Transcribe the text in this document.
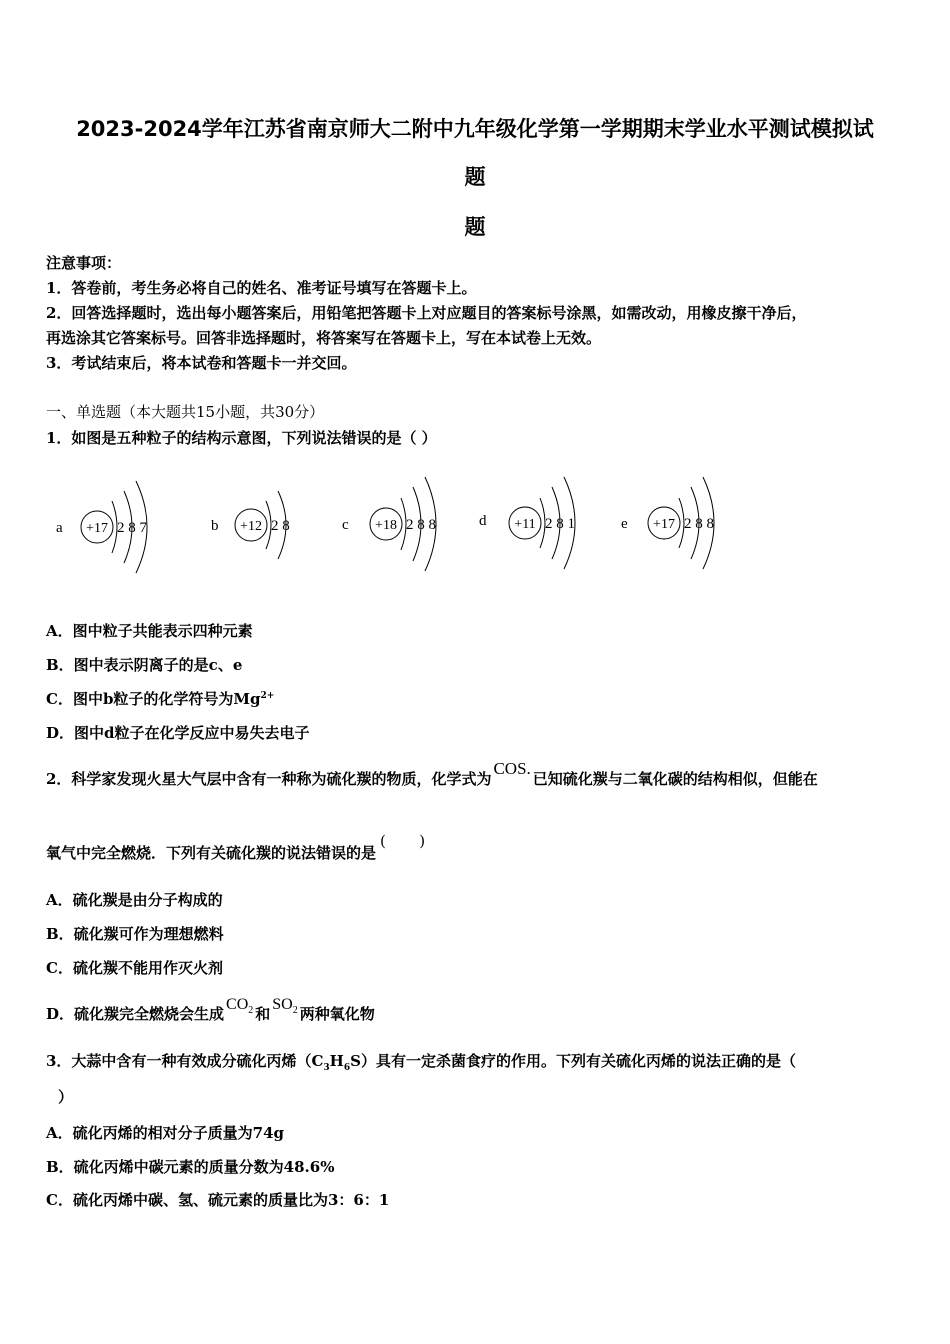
2023-2024学年江苏省南京师大二附中九年级化学第一学期期末学业水平测试模拟试
题
题
注意事项：
1．答卷前，考生务必将自己的姓名、准考证号填写在答题卡上。
2．回答选择题时，选出每小题答案后，用铅笔把答题卡上对应题目的答案标号涂黑，如需改动，用橡皮擦干净后，
再选涂其它答案标号。回答非选择题时，将答案写在答题卡上，写在本试卷上无效。
3．考试结束后，将本试卷和答题卡一并交回。
一、单选题（本大题共15小题，共30分）
1．如图是五种粒子的结构示意图，下列说法错误的是（ ）
a +17 2 8 7	b +12 2 8	c +18 2 8 8	d +11 2 8 1	e +17 2 8 8
A．图中粒子共能表示四种元素
B．图中表示阴离子的是c、e
C．图中b粒子的化学符号为$Mg^{2+}$
D．图中d粒子在化学反应中易失去电子
2．科学家发现火星大气层中含有一种称为硫化羰的物质，化学式为COS.已知硫化羰与二氧化碳的结构相似，但能在
氧气中完全燃烧．下列有关硫化羰的说法错误的是(       )
A．硫化羰是由分子构成的
B．硫化羰可作为理想燃料
C．硫化羰不能用作灭火剂
D．硫化羰完全燃烧会生成$CO_2$ 和$SO_2$ 两种氧化物
3．大蒜中含有一种有效成分硫化丙烯$(C_3H_6S)$具有一定杀菌食疗的作用。下列有关硫化丙烯的说法正确的是（
）
A．硫化丙烯的相对分子质量为74g
B．硫化丙烯中碳元素的质量分数为48.6%
C．硫化丙烯中碳、氢、硫元素的质量比为3：6：1
